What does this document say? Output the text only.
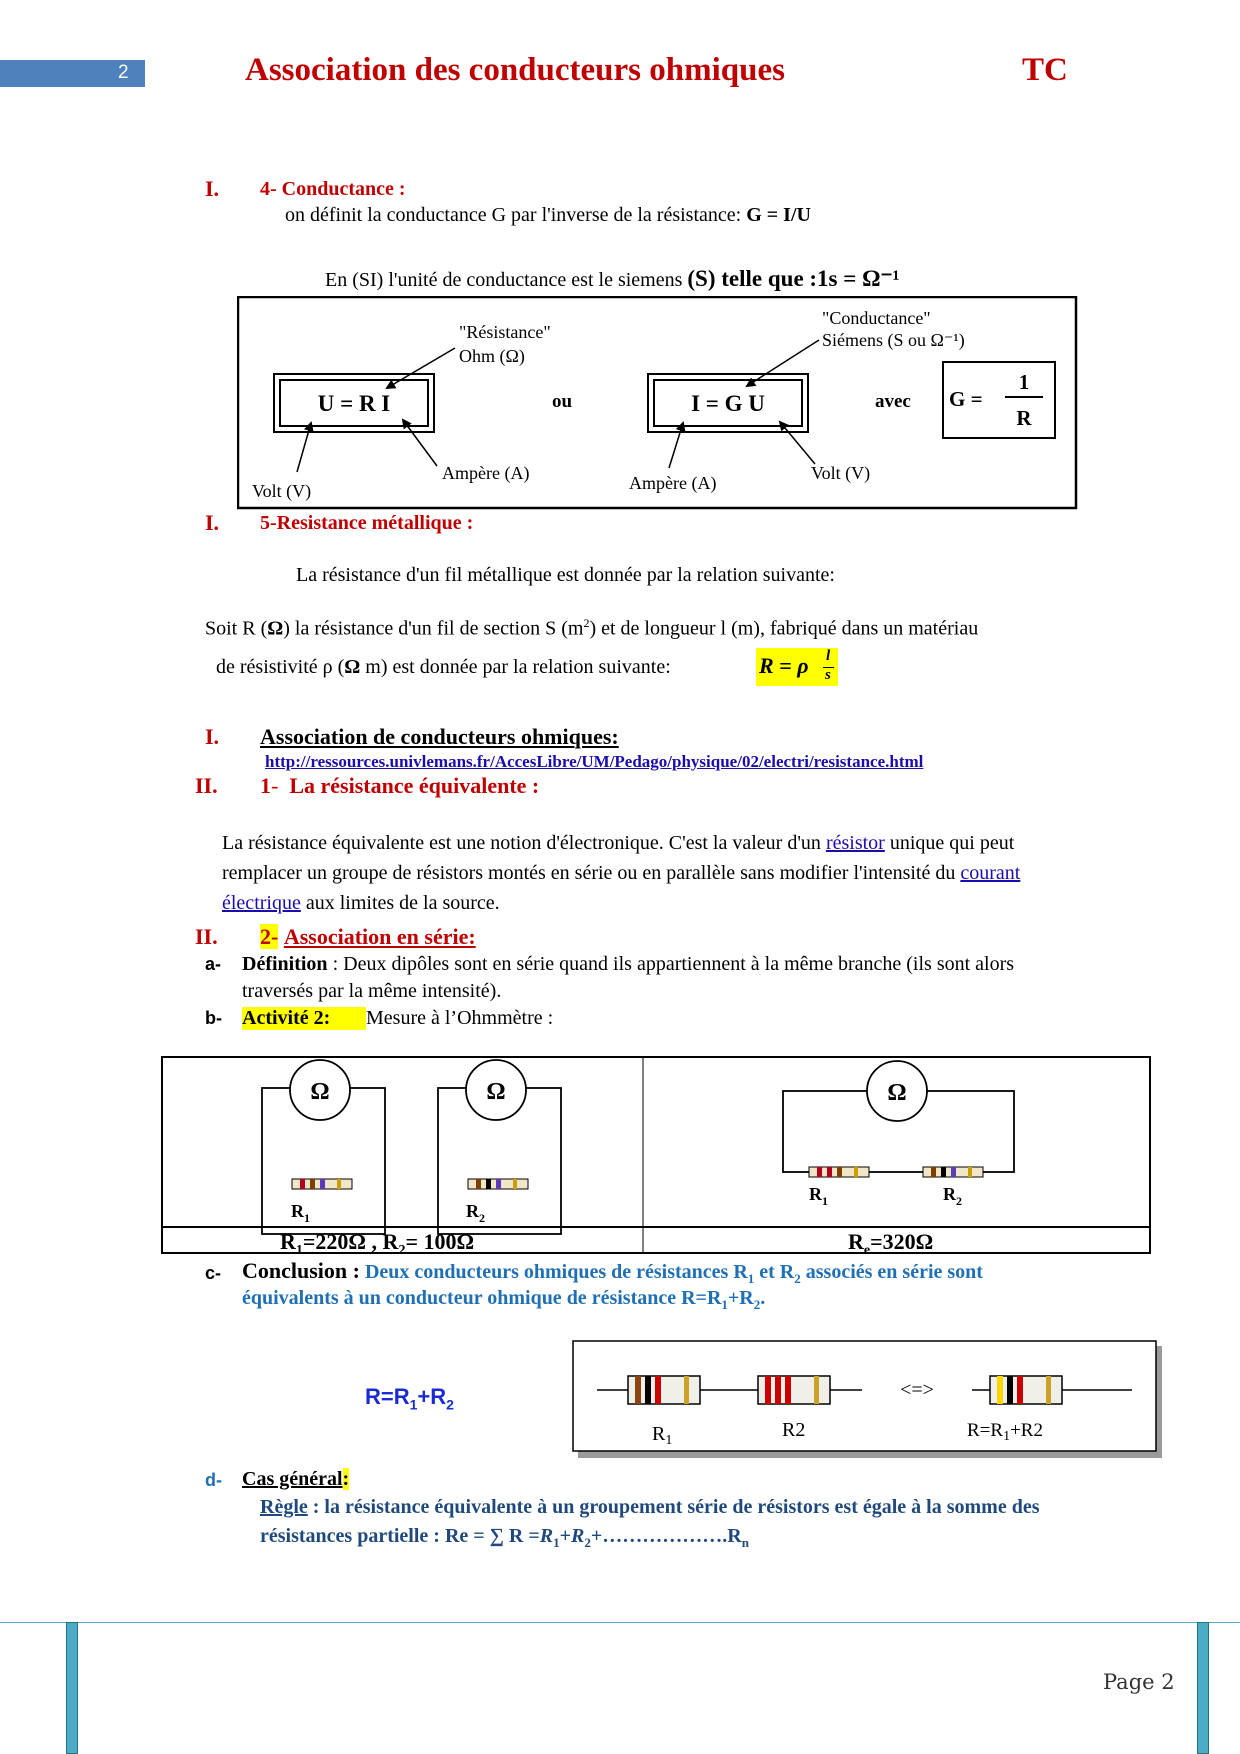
2	Association des conducteurs ohmiques	TC
I. 4- Conductance :
on définit la conductance G par l'inverse de la résistance: G = I/U
En (SI) l'unité de conductance est le siemens (S) telle que :1s = Ω⁻¹
U = R I
"Résistance"
Ohm (Ω)
Volt (V)
Ampère (A)
ou	I = G U
"Conductance"
Siémens (S ou Ω⁻¹)
Ampère (A)	Volt (V)
avec G =
1
R
I. 5-Resistance métallique :
La résistance d'un fil métallique est donnée par la relation suivante:
Soit R (Ω) la résistance d'un fil de section S $(m^2)$ et de longueur l (m), fabriqué dans un matériau
de résistivité ρ (Ω m) est donnée par la relation suivante:	R = ρ l
s
I. Association de conducteurs ohmiques:
http://ressources.univlemans.fr/AccesLibre/UM/Pedago/physique/02/electri/resistance.html
II. 1- La résistance équivalente :
La résistance équivalente est une notion d'électronique. C'est la valeur d'un résistor unique qui peut
remplacer un groupe de résistors montés en série ou en parallèle sans modifier l'intensité du courant
électrique aux limites de la source.
II. 2- Association en série:
a- Définition : Deux dipôles sont en série quand ils appartiennent à la même branche (ils sont alors
traversés par la même intensité).
b- Activité 2:	Mesure à l’Ohmmètre :
Ω
$R_1$
Ω
$R_2$
Ω
$R_1$	$R_2$
$R_1=220\Omega$ , $R_2= 100\Omega$	$R_e=320\Omega$
c- Conclusion : Deux conducteurs ohmiques de résistances $R_1$ et $R_2$ associés en série sont
équivalents à un conducteur ohmique de résistance $R=R_1+R_2$.
$R=R_1+R_2$
$R_1$	R2
<=>
$R=R_1+R2$
d- Cas général:
Règle : la résistance équivalente à un groupement série de résistors est égale à la somme des
résistances partielle : Re = ∑ $R =R_1+R_2+\dots\dots\dots\dots\dots\dots.R_n$
Page 2
